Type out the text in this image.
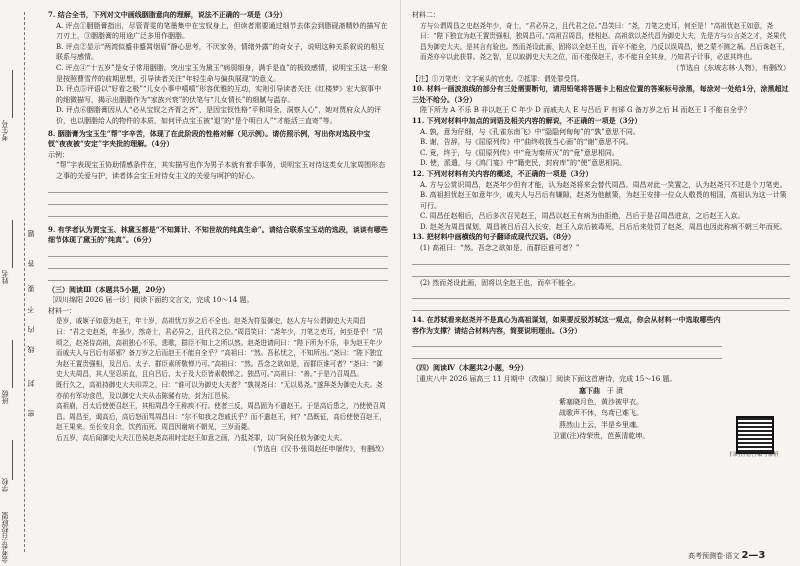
考生号
姓名
班级
学校
金考卷·百校联盟
题
答
要
不
内
线
封
密

7. 结合全书，下列对文中画线胭脂意向的理解，说法不正确的一项是（3分）

A. 评点①胭脂膏指出，尽管青雯的笔墨集中在宝钗身上，但读者需要通过细节去体会到脂砚斋精妙的描写在刀刃上，③胭脂膏的用途广泛多用作胭脂。

B. 评点②显示“两湾似蹙非蹙罥烟眉”静心思考，不厌家务，情绪外露”的奇女子，说明这种关系叙说的相互联系与感情。

C. 评点④“十五岁”是女子常用胭脂，突出宝玉为黛玉“病弱细身，满手是血”的极致感情，说明宝玉这一形象是按照曹雪芹的前期思想，引导读者关注“年轻生命与偏执展现”的意义。

D. 评点⑤评语以“好看之极”“儿女小事中嘻嘻”形容优雅的互动，实则引导读者关注《红楼梦》宏大叙事中的细微描写，揭示出胭脂作为“家族兴衰”的伏笔与“儿女情长”的细腻与温存。

D. 评点⑥胭脂膏因从人“必从宝钗之齐胥之齐”，是因宝钗性格“平和周全，洞察人心”，她对贾府众人的评价，也以胭脂给人的物件的本质，如何评点宝玉被“退”的“是个明白人”“才能活三直寄”等。

8. 胭脂膏为宝玉生“帮”字辛苦，体现了在此阶段的性格对解（见示例）。请仿照示例，写出你对选段中宝钗“夜夜被“安定”字夹批的理解。（4分）

示例：

“帮”字表现宝玉协助情感条件在，其实描写也作为男子本就有着手事务，说明宝玉对待这类女儿家周围形态之事的关爱与护，读者体会宝玉对待女主义的关爱与呵护的好心。

9. 有学者认为贾宝玉、林黛玉都是“不知算计、不知世故的纯真生命”。请结合联系宝玉动的选段，谈谈有哪些细节体现了黛玉的“纯真”。（6分）

（三）阅读Ⅲ（本题共5小题，20分）

［四川绵阳 2026 届一诊］阅读下面的文言文，完成 10～14 题。

材料一：

是岁，戚姬子如意为赵王，年十岁，高祖忧万岁之后不全也。赵尧为符玺御史，赵人方与公谓御史大夫周昌曰：“君之史赵尧，年虽少，然奇士，君必异之，且代君之位。”周昌笑曰：“尧年少，刀笔之吏耳，何至是乎！”居顷之，赵尧侍高祖，高祖独心不乐，悲歌，群臣不知上之所以然。赵尧进请问曰：“陛下所为不乐，非为赵王年少而戚夫人与吕后有郤邪？备万岁之后而赵王不能自全乎？”高祖曰：“然。吾私忧之，不知所出。”尧曰：“陛下独宜为赵王置贵强相，及吕后、太子、群臣素所敬惮乃可。”高祖曰：“然。吾念之欲如是，而群臣谁可者？”尧曰：“御史大夫周昌，其人坚忍质直，且自吕后、太子及大臣皆素敬惮之。独昌可。”高祖曰：“善。”于是乃召周昌。

既行久之，高祖持御史大夫印弄之，曰：“谁可以为御史大夫者？”孰视尧曰：“无以易尧。”遂拜尧为御史大夫。尧亦前有军功食邑，及以御史大夫从击陈豨有功，封为江邑侯。

高祖崩，吕太后使使召赵王，其相周昌令王称疾不行。使者三反，周昌固为不遣赵王。于是高后患之，乃使使召周昌。周昌至，谒高后，高后怒而骂周昌曰：“尔不知我之怨戚氏乎？而不遣赵王，何？”昌既征，高后使使召赵王，赵王果来。至长安月余，饮药而死。周昌因谢病不朝见，三岁而薨。

后五岁，高后闻御史大夫江邑侯赵尧高祖时定赵王如意之画，乃抵尧罪，以广阿侯任敖为御史大夫。

（节选自《汉书·张周赵任申屠传》，有删改）

材料二：

方与公谓周昌之史赵尧年少，奇士，“君必异之，且代君之位。”昌笑曰：“尧，刀笔之吏耳，何至是！”高祖忧赵王如意，尧曰：“陛下独宜为赵王置贵强相，独周昌可。”高祖召周昌，使相赵。高祖欲以尧代昌为御史大夫，先是方与公言尧之才，尧果代昌为御史大夫。是其言有验也。然而尧设此画，固将以全赵王也，而卒不能全，乃反以误周昌，使之蒙不测之祸。吕后诛赵王，而尧亦卒以此获罪。尧之智，足以取御史大夫之位，而不能保赵王，亦不能自全其身，乃知君子计事，必虑其终也。

（节选自《东坡志林·人物》，有删改）

【注】①刀笔吏：文字案头的官吏。②抵罪：谓处罪受罚。

10. 材料一画波浪线的部分有三处需要断句，请用铅笔将答题卡上相应位置的答案标号涂黑，每涂对一处给1分，涂黑超过三处不给分。（3分）

陛下所为 A 不乐 B 非以赵王 C 年少 D 而戚夫人 E 与吕后 F 有郤 G 备万岁之后 H 而赵王 I 不能自全乎？

11. 下列对材料中加点的词语及相关内容的解说，不正确的一项是（3分）

A. 孰，意为仔细，与《孔雀东南飞》中“隐隐何甸甸”的“孰”意思不同。

B. 谢，告辞，与《屈原列传》中“曲终收拨当心画”的“谢”意思不同。

C. 竟，终于，与《屈原列传》中“竟为秦所灭”的“竟”意思相同。

D. 使，派遣，与《鸿门宴》中“籍吏民，封府库”的“使”意思相同。

12. 下列对材料有关内容的概述，不正确的一项是（3分）

A. 方与公赏识周昌，赵尧年少但有才能，认为赵尧将来会替代周昌。周昌对此一笑置之，认为赵尧只不过是个刀笔吏。

B. 高祖担忧赵王如意年少，戚夫人与吕后有嫌隙，赵尧为他献策，为赵王安排一位众人敬畏的相国，高祖认为这一计策可行。

C. 周昌任赵相后，吕后多次召见赵王，周昌以赵王有病为由拒绝，吕后于是召周昌进京，之后赵王入京。

D. 赵尧为周昌谋划，周昌被吕后召入长安，赵王入京后被毒死，吕后后来处罚了赵尧，周昌也因此称病不朝三年而死。

13. 把材料中画横线的句子翻译成现代汉语。（8分）

(1) 高祖曰：“然。吾念之欲如是，而群臣谁可者？”

(2) 然而尧设此画，固将以全赵王也，而卒不能全。

14. 在苏轼看来赵尧并不是真心为高祖谋划，如果要反驳苏轼这一观点，你会从材料一中选取哪些内容作为支撑？请结合材料内容，简要说明理由。（3分）

（四）阅读Ⅳ（本题共2小题，9分）

［重庆八中 2026 届高三 11 月期中（改编）］阅读下面这首唐诗，完成 15～16 题。

塞下曲 于 濆
紫塞晓月色，黄沙被甲衣。
战歌声不休，鸟鸢已难飞。
燕然山上云，半是乡里魂。
卫霍(注)待荣贵，芭蕉清乾坤。
扫码查看答案与解析
高考预测卷·语文 2—3
